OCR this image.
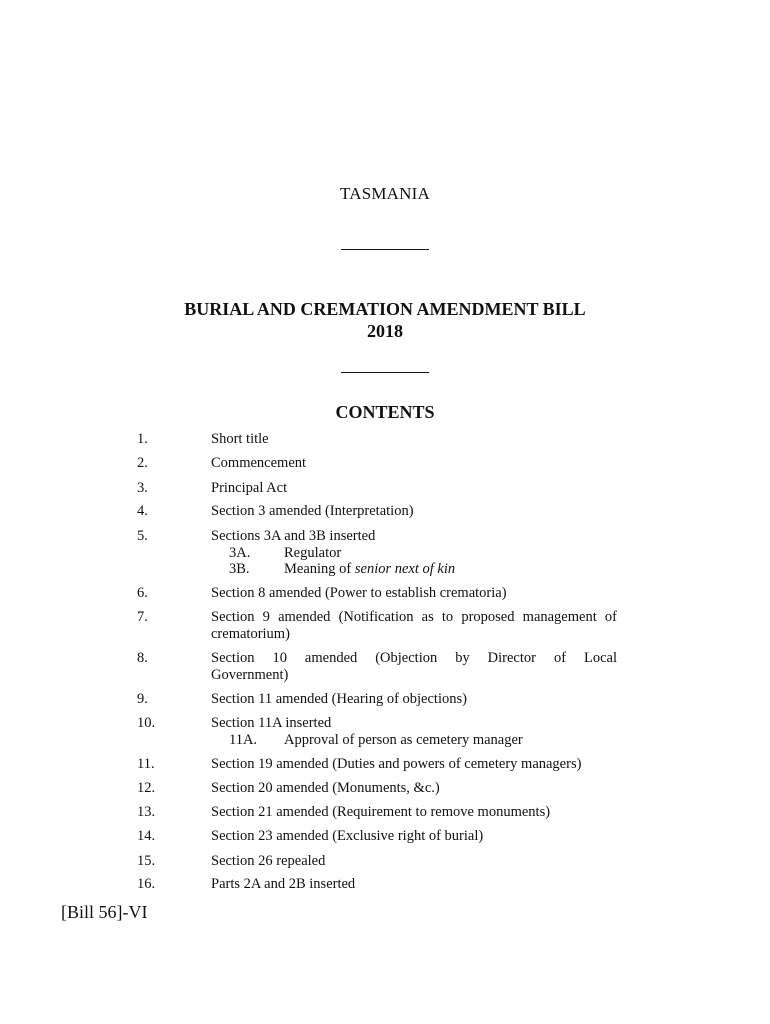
TASMANIA
BURIAL AND CREMATION AMENDMENT BILL
2018
CONTENTS
1.	Short title
2.	Commencement
3.	Principal Act
4.	Section 3 amended (Interpretation)
5.	Sections 3A and 3B inserted
3A. Regulator
3B. Meaning of senior next of kin
6.	Section 8 amended (Power to establish crematoria)
7.	Section 9 amended (Notification as to proposed management of
crematorium)
8.	Section 10 amended (Objection by Director of Local
Government)
9.	Section 11 amended (Hearing of objections)
10.	Section 11A inserted
11A. Approval of person as cemetery manager
11.	Section 19 amended (Duties and powers of cemetery managers)
12.	Section 20 amended (Monuments, &c.)
13.	Section 21 amended (Requirement to remove monuments)
14.	Section 23 amended (Exclusive right of burial)
15.	Section 26 repealed
16.	Parts 2A and 2B inserted
[Bill 56]-VI
